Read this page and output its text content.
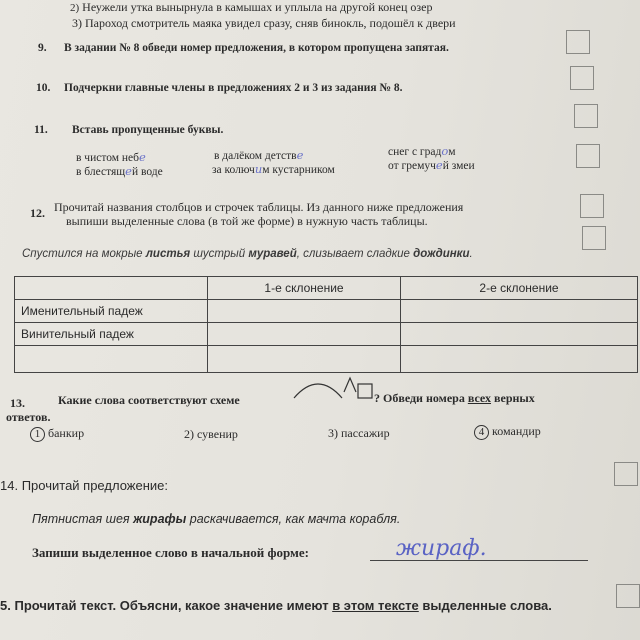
2) Неужели утка вынырнула в камышах и уплыла на другой конец озер
3) Пароход смотритель маяка увидел сразу, сняв бинокль, подошёл к двери
9. В задании № 8 обведи номер предложения, в котором пропущена запятая.
10. Подчеркни главные члены в предложениях 2 и 3 из задания № 8.
11. Вставь пропущенные буквы.
в чистом небе
в блестящей воде
в далёком детстве
за колючим кустарником
снег с градом
от гремучей змеи
12. Прочитай названия столбцов и строчек таблицы. Из данного ниже предложения
выпиши выделенные слова (в той же форме) в нужную часть таблицы.
Спустился на мокрые листья шустрый муравей, слизывает сладкие дождинки.
	1-е склонение	2-е склонение
Именительный падеж		
Винительный падеж		

13.	Какие слова соответствуют схеме	? Обведи номера всех верных
ответов.
1 банкир	2) сувенир	3) пассажир	4 командир
14. Прочитай предложение:
Пятнистая шея жирафы раскачивается, как мачта корабля.
Запиши выделенное слово в начальной форме:	жираф.
5. Прочитай текст. Объясни, какое значение имеют в этом тексте выделенные слова.
